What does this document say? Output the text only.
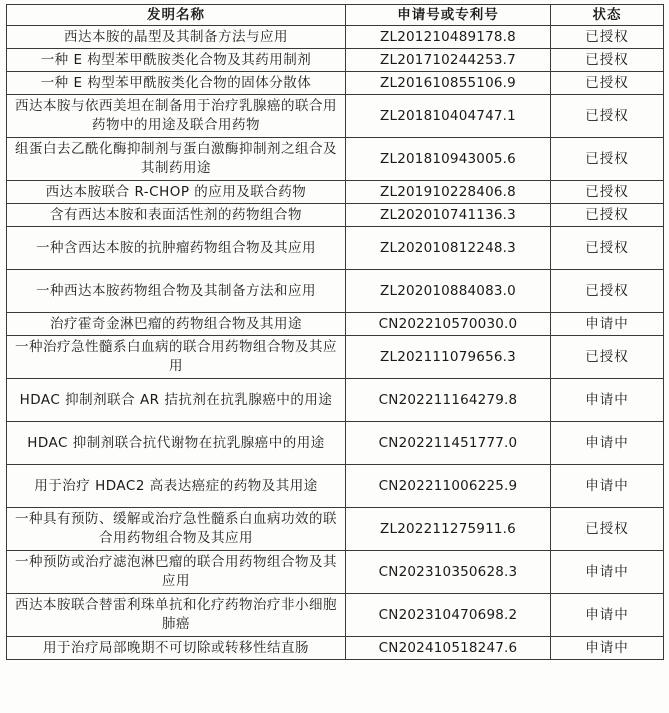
发明名称	申请号或专利号	状态
西达本胺的晶型及其制备方法与应用	ZL201210489178.8	已授权
一种 E 构型苯甲酰胺类化合物及其药用制剂	ZL201710244253.7	已授权
一种 E 构型苯甲酰胺类化合物的固体分散体	ZL201610855106.9	已授权
西达本胺与依西美坦在制备用于治疗乳腺癌的联合用药物中的用途及联合用药物	ZL201810404747.1	已授权
组蛋白去乙酰化酶抑制剂与蛋白激酶抑制剂之组合及其制药用途	ZL201810943005.6	已授权
西达本胺联合 R-CHOP 的应用及联合药物	ZL201910228406.8	已授权
含有西达本胺和表面活性剂的药物组合物	ZL202010741136.3	已授权
一种含西达本胺的抗肿瘤药物组合物及其应用	ZL202010812248.3	已授权
一种西达本胺药物组合物及其制备方法和应用	ZL202010884083.0	已授权
治疗霍奇金淋巴瘤的药物组合物及其用途	CN202210570030.0	申请中
一种治疗急性髓系白血病的联合用药物组合物及其应用	ZL202111079656.3	已授权
HDAC 抑制剂联合 AR 拮抗剂在抗乳腺癌中的用途	CN202211164279.8	申请中
HDAC 抑制剂联合抗代谢物在抗乳腺癌中的用途	CN202211451777.0	申请中
用于治疗 HDAC2 高表达癌症的药物及其用途	CN202211006225.9	申请中
一种具有预防、缓解或治疗急性髓系白血病功效的联合用药物组合物及其应用	ZL202211275911.6	已授权
一种预防或治疗滤泡淋巴瘤的联合用药物组合物及其应用	CN202310350628.3	申请中
西达本胺联合替雷利珠单抗和化疗药物治疗非小细胞肺癌	CN202310470698.2	申请中
用于治疗局部晚期不可切除或转移性结直肠	CN202410518247.6	申请中
